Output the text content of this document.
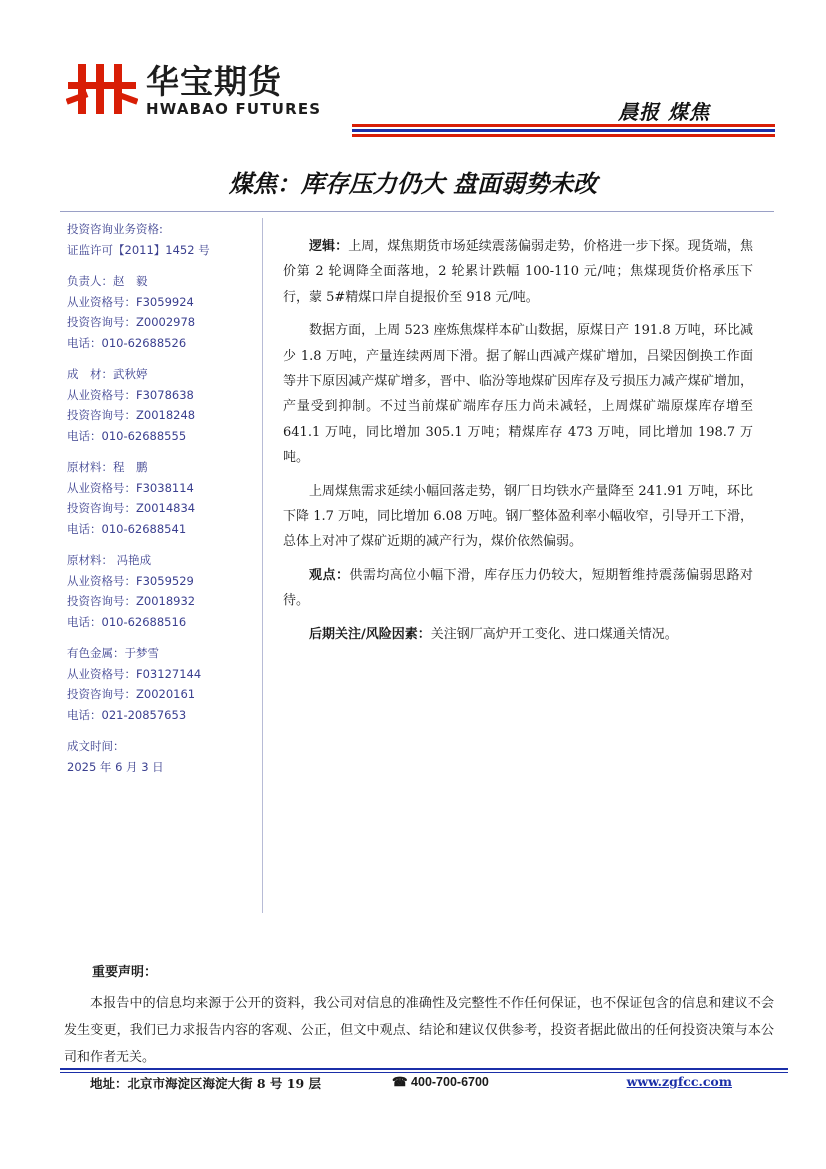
华宝期货
HWABAO FUTURES	晨报 煤焦
煤焦：库存压力仍大 盘面弱势未改
投资咨询业务资格:
证监许可【2011】1452 号
负责人：赵　毅
从业资格号：F3059924
投资咨询号：Z0002978
电话：010-62688526
成　材：武秋婷
从业资格号：F3078638
投资咨询号：Z0018248
电话：010-62688555
原材料：程　鹏
从业资格号：F3038114
投资咨询号：Z0014834
电话：010-62688541
原材料： 冯艳成
从业资格号：F3059529
投资咨询号：Z0018932
电话：010-62688516
有色金属：于梦雪
从业资格号：F03127144
投资咨询号：Z0020161
电话：021-20857653
成文时间：
2025 年 6 月 3 日

逻辑：上周，煤焦期货市场延续震荡偏弱走势，价格进一步下探。现货端，焦价第 2 轮调降全面落地，2 轮累计跌幅 100-110 元/吨；焦煤现货价格承压下行，蒙 5#精煤口岸自提报价至 918 元/吨。

数据方面，上周 523 座炼焦煤样本矿山数据，原煤日产 191.8 万吨，环比减少 1.8 万吨，产量连续两周下滑。据了解山西减产煤矿增加，吕梁因倒换工作面等井下原因减产煤矿增多，晋中、临汾等地煤矿因库存及亏损压力减产煤矿增加，产量受到抑制。不过当前煤矿端库存压力尚未减轻，上周煤矿端原煤库存增至 641.1 万吨，同比增加 305.1 万吨；精煤库存 473 万吨，同比增加 198.7 万吨。

上周煤焦需求延续小幅回落走势，钢厂日均铁水产量降至 241.91 万吨，环比下降 1.7 万吨，同比增加 6.08 万吨。钢厂整体盈利率小幅收窄，引导开工下滑，总体上对冲了煤矿近期的减产行为，煤价依然偏弱。

观点：供需均高位小幅下滑，库存压力仍较大，短期暂维持震荡偏弱思路对待。

后期关注/风险因素：关注钢厂高炉开工变化、进口煤通关情况。

重要声明：

本报告中的信息均来源于公开的资料，我公司对信息的准确性及完整性不作任何保证，也不保证包含的信息和建议不会发生变更，我们已力求报告内容的客观、公正，但文中观点、结论和建议仅供参考，投资者据此做出的任何投资决策与本公司和作者无关。

地址：北京市海淀区海淀大街 8 号 19 层	☎ 400-700-6700	www.zgfcc.com
